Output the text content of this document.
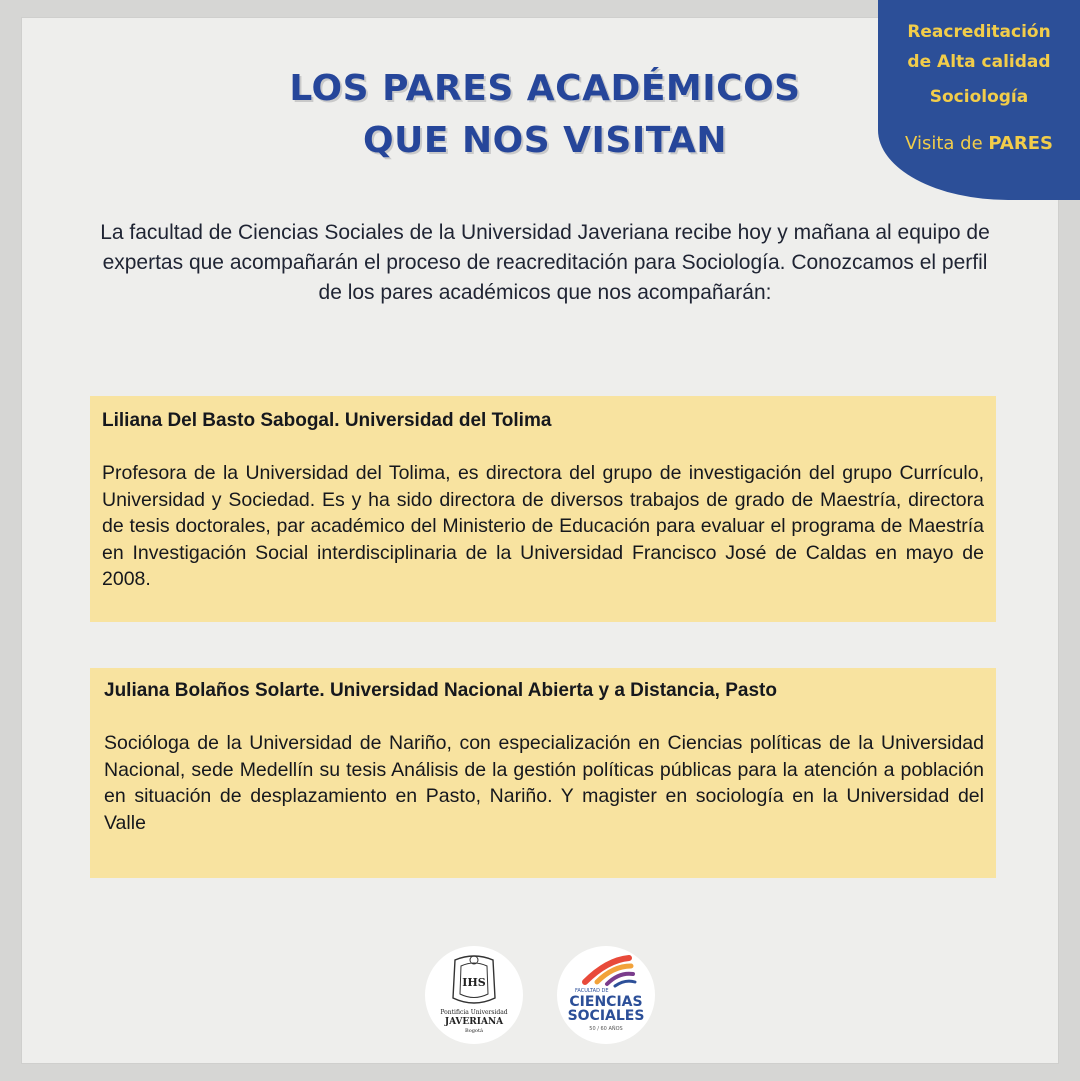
Reacreditación
de Alta calidad
Sociología
Visita de PARES
LOS PARES ACADÉMICOS
QUE NOS VISITAN
La facultad de Ciencias Sociales de la Universidad Javeriana recibe hoy y mañana al equipo de expertas que acompañarán el proceso de reacreditación para Sociología. Conozcamos el perfil de los pares académicos que nos acompañarán:
Liliana Del Basto Sabogal. Universidad del Tolima
Profesora de la Universidad del Tolima, es directora del grupo de investigación del grupo Currículo, Universidad y Sociedad. Es y ha sido directora de diversos trabajos de grado de Maestría, directora de tesis doctorales, par académico del Ministerio de Educación para evaluar el programa de Maestría en Investigación Social interdisciplinaria de la Universidad Francisco José de Caldas en mayo de 2008.
Juliana Bolaños Solarte. Universidad Nacional Abierta y a Distancia, Pasto
Socióloga de la Universidad de Nariño, con especialización en Ciencias políticas de la Universidad Nacional, sede Medellín su tesis Análisis de la gestión políticas públicas para la atención a población en situación de desplazamiento en Pasto, Nariño. Y magister en sociología en la Universidad del Valle
IHS
Pontificia Universidad
JAVERIANA
Bogotá
FACULTAD DE
CIENCIAS
SOCIALES
50 / 60 AÑOS
